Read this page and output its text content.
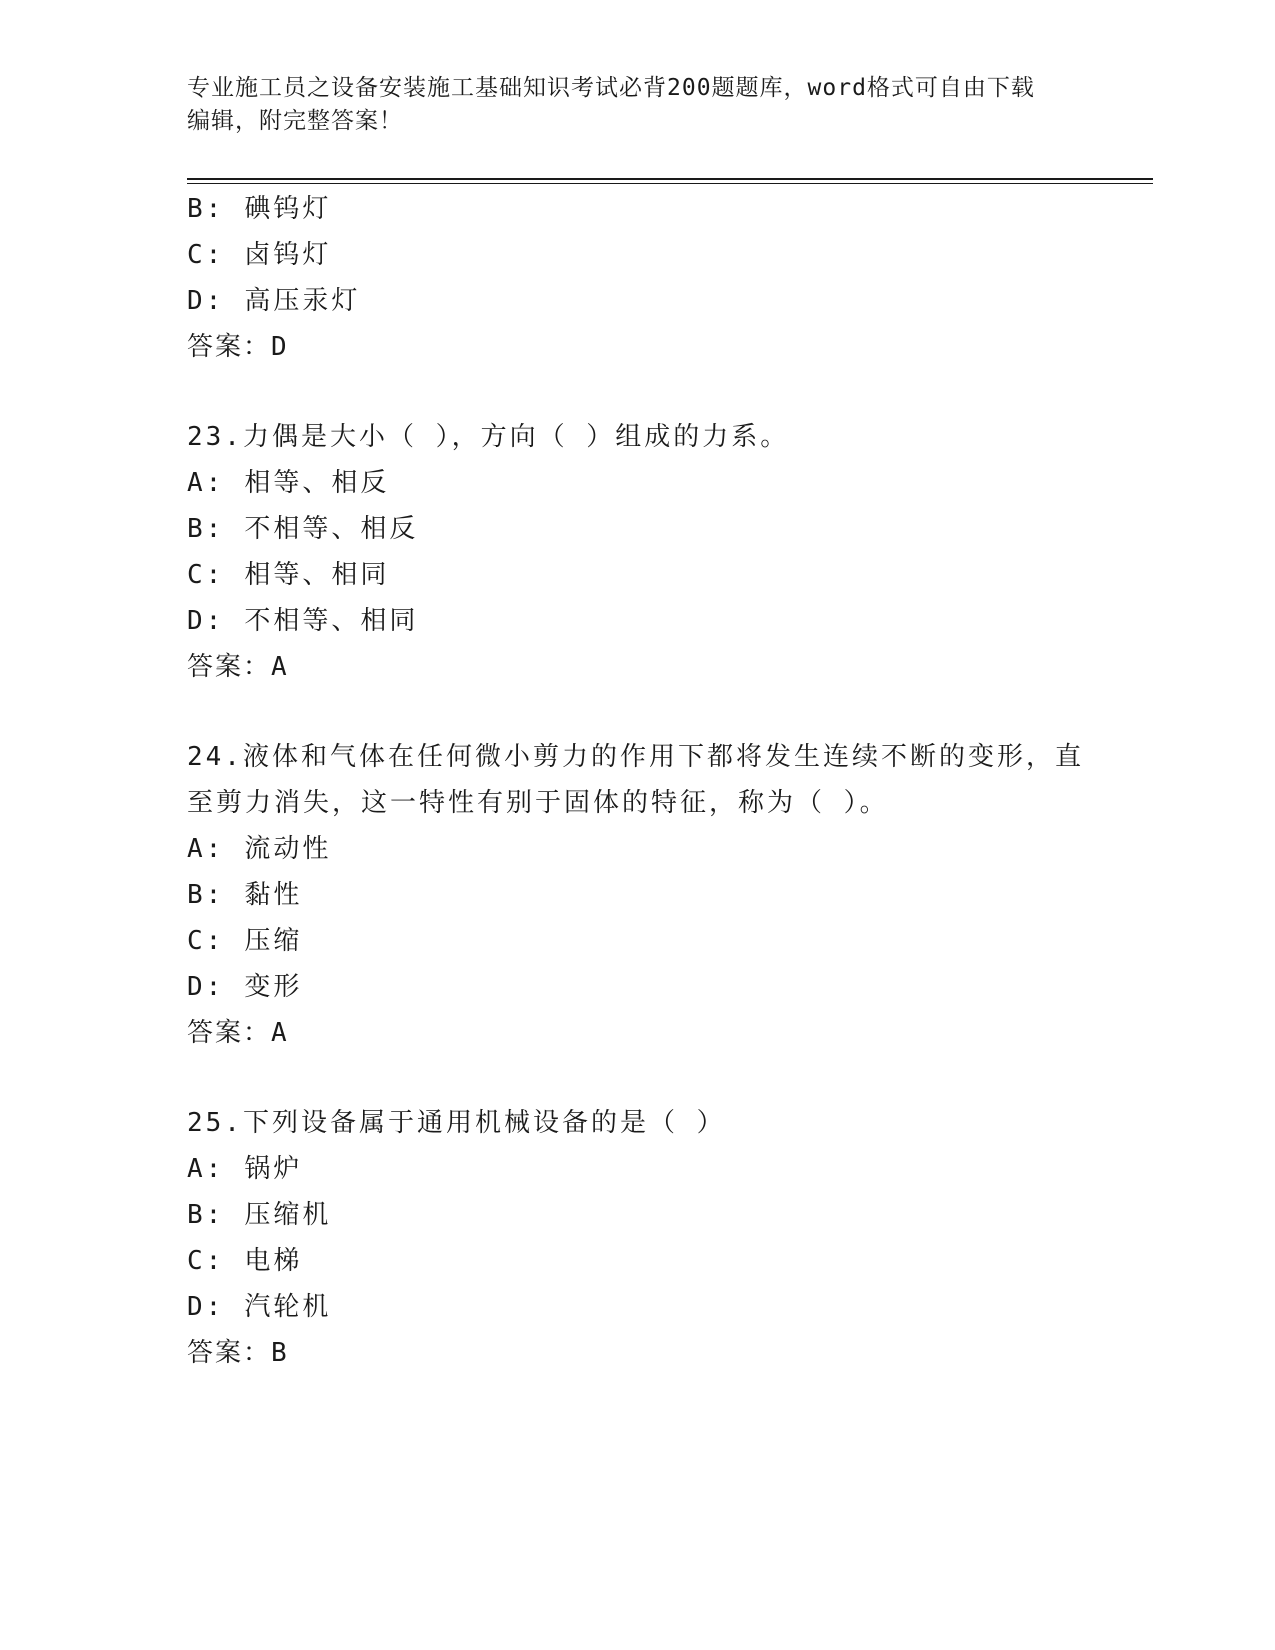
专业施工员之设备安装施工基础知识考试必背200题题库，word格式可自由下载
编辑，附完整答案！
B: 碘钨灯
C: 卤钨灯
D: 高压汞灯
答案：D
23.力偶是大小（ ），方向（ ）组成的力系。
A: 相等、相反
B: 不相等、相反
C: 相等、相同
D: 不相等、相同
答案：A
24.液体和气体在任何微小剪力的作用下都将发生连续不断的变形，直
至剪力消失，这一特性有别于固体的特征，称为（ ）。
A: 流动性
B: 黏性
C: 压缩
D: 变形
答案：A
25.下列设备属于通用机械设备的是（ ）
A: 锅炉
B: 压缩机
C: 电梯
D: 汽轮机
答案：B
